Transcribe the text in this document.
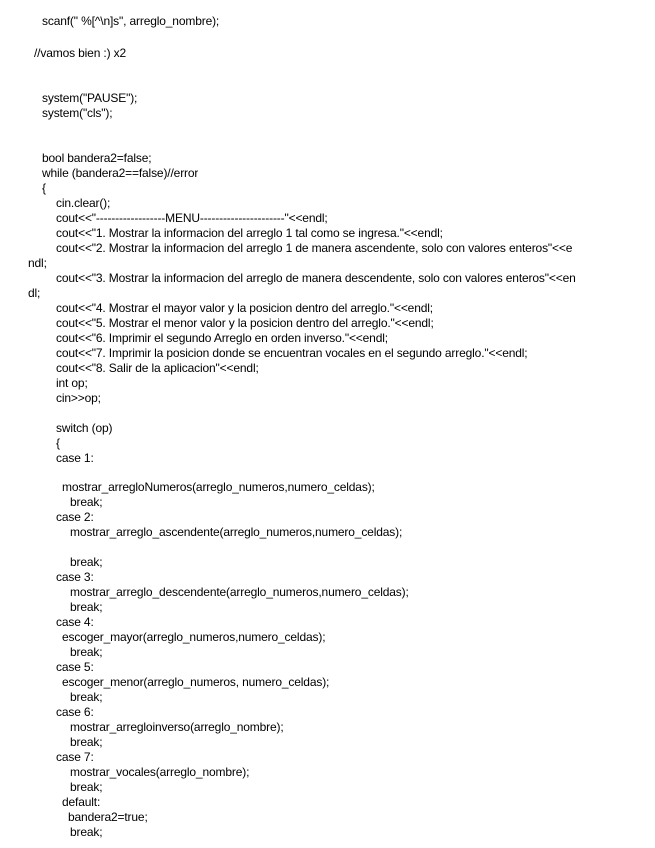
scanf(" %[^\n]s", arreglo_nombre);
//vamos bien :) x2
system("PAUSE");
system("cls");
bool bandera2=false;
while (bandera2==false)//error
{
cin.clear();
cout<<"------------------MENU----------------------"<<endl;
cout<<"1. Mostrar la informacion del arreglo 1 tal como se ingresa."<<endl;
cout<<"2. Mostrar la informacion del arreglo 1 de manera ascendente, solo con valores enteros"<<e
ndl;
cout<<"3. Mostrar la informacion del arreglo de manera descendente, solo con valores enteros"<<en
dl;
cout<<"4. Mostrar el mayor valor y la posicion dentro del arreglo."<<endl;
cout<<"5. Mostrar el menor valor y la posicion dentro del arreglo."<<endl;
cout<<"6. Imprimir el segundo Arreglo en orden inverso."<<endl;
cout<<"7. Imprimir la posicion donde se encuentran vocales en el segundo arreglo."<<endl;
cout<<"8. Salir de la aplicacion"<<endl;
int op;
cin>>op;
switch (op)
{
case 1:
mostrar_arregloNumeros(arreglo_numeros,numero_celdas);
break;
case 2:
mostrar_arreglo_ascendente(arreglo_numeros,numero_celdas);
break;
case 3:
mostrar_arreglo_descendente(arreglo_numeros,numero_celdas);
break;
case 4:
escoger_mayor(arreglo_numeros,numero_celdas);
break;
case 5:
escoger_menor(arreglo_numeros, numero_celdas);
break;
case 6:
mostrar_arregloinverso(arreglo_nombre);
break;
case 7:
mostrar_vocales(arreglo_nombre);
break;
default:
bandera2=true;
break;
